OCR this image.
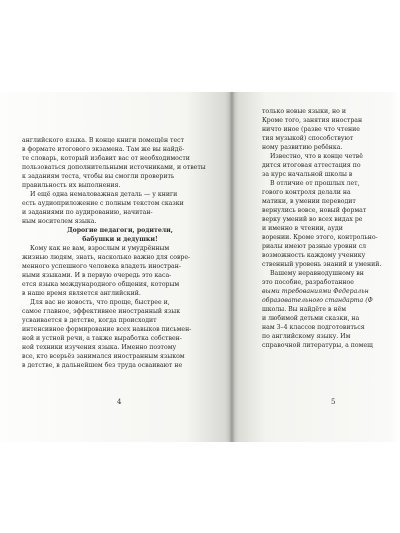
английского языка. В конце книги помещён тест
в формате итогового экзамена. Там же вы найдё-
те словарь, который избавит вас от необходимости
пользоваться дополнительными источниками, и ответы
к заданиям теста, чтобы вы смогли проверить
правильность их выполнения.
И ещё одна немаловажная деталь — у книги
есть аудиоприложение с полным текстом сказки
и заданиями по аудированию, начитан-
ным носителем языка.
Дорогие педагоги, родители,
бабушки и дедушки!
Кому как не вам, взрослым и умудрённым
жизнью людям, знать, насколько важно для совре-
менного успешного человека владеть иностран-
ными языками. И в первую очередь это каса-
ется языка международного общения, которым
в наше время является английский.
Для вас не новость, что проще, быстрее и,
самое главное, эффективнее иностранный язык
усваивается в детстве, когда происходит
интенсивное формирование всех навыков письмен-
ной и устной речи, а также выработка собствен-
ной техники изучения языка. Именно поэтому
все, кто всерьёз занимался иностранным языком
в детстве, в дальнейшем без труда осваивают не
4
только новые языки, но и
Кроме того, занятия иностран
ничто иное (разве что чтение
тия музыкой) способствуют
ному развитию ребёнка.
Известно, что в конце четвё
дится итоговая аттестация по
за курс начальной школы в
В отличие от прошлых лет,
гового контроля делали на
матики, в умении переводит
вернулись вовсе, новый формат
верку умений во всех видах ре
и именно в чтении, ауди
ворении. Кроме этого, контрольно-
риалы имеют разные уровни сл
возможность каждому ученику
ственный уровень знаний и умений.
Вашему неравнодушному вн
это пособие, разработанное
выми требованиями Федеральн
образовательного стандарта (Ф
школы. Вы найдёте в нём
и любимой детьми сказки, на
нам 3–4 классов подготовиться
по английскому языку. Им
справочной литературы, а помещ
5
